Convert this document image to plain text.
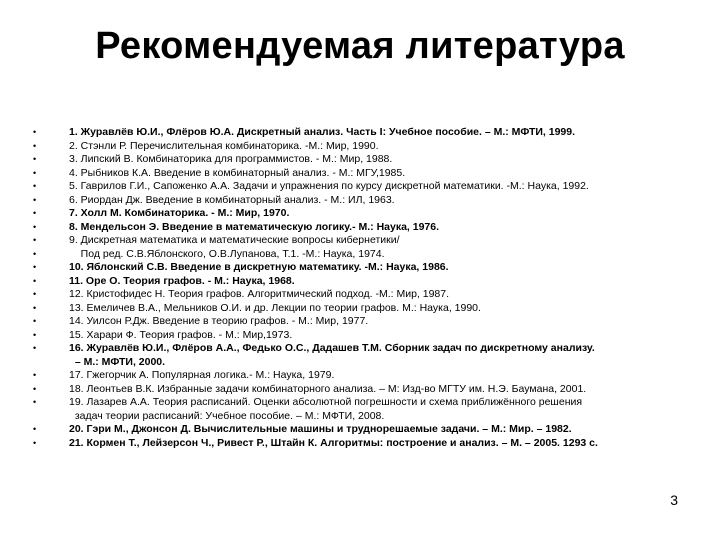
Рекомендуемая литература
•	1. Журавлёв Ю.И., Флёров Ю.А. Дискретный анализ. Часть I: Учебное пособие. – М.: МФТИ, 1999.
•	2. Стэнли Р. Перечислительная комбинаторика. -М.: Мир, 1990.
•	3. Липский В. Комбинаторика для программистов. - М.: Мир, 1988.
•	4. Рыбников К.А. Введение в комбинаторный анализ. - М.: МГУ,1985.
•	5. Гаврилов Г.И., Сапоженко А.А. Задачи и упражнения по курсу дискретной математики. -М.: Наука, 1992.
•	6. Риордан Дж. Введение в комбинаторный анализ. - М.: ИЛ, 1963.
•	7. Холл М. Комбинаторика. - М.: Мир, 1970.
•	8. Мендельсон Э. Введение в математическую логику.- М.: Наука, 1976.
•	9. Дискретная математика и математические вопросы кибернетики/
•	Под ред. С.В.Яблонского, О.В.Лупанова, Т.1. -М.: Наука, 1974.
•	10. Яблонский С.В. Введение в дискретную математику. -М.: Наука, 1986.
•	11. Оре О. Теория графов. - М.: Наука, 1968.
•	12. Кристофидес Н. Теория графов. Алгоритмический подход. -М.: Мир, 1987.
•	13. Емеличев В.А., Мельников О.И. и др. Лекции по теории графов. М.: Наука, 1990.
•	14. Уилсон Р.Дж. Введение в теорию графов. - М.: Мир, 1977.
•	15. Харари Ф. Теория графов. - М.: Мир,1973.
•	16. Журавлёв Ю.И., Флёров А.А., Федько О.С., Дадашев Т.М. Сборник задач по дискретному анализу.
– М.: МФТИ, 2000.
•	17. Гжегорчик А. Популярная логика.- М.: Наука, 1979.
•	18. Леонтьев В.К. Избранные задачи комбинаторного анализа. – М: Изд-во МГТУ им. Н.Э. Баумана, 2001.
•	19. Лазарев А.А. Теория расписаний. Оценки абсолютной погрешности и схема приближённого решения
задач теории расписаний: Учебное пособие. – М.: МФТИ, 2008.
•	20. Гэри М., Джонсон Д. Вычислительные машины и труднорешаемые задачи. – М.: Мир. – 1982.
•	21. Кормен Т., Лейзерсон Ч., Ривест Р., Штайн К. Алгоритмы: построение и анализ. – М. – 2005. 1293 с.
3
